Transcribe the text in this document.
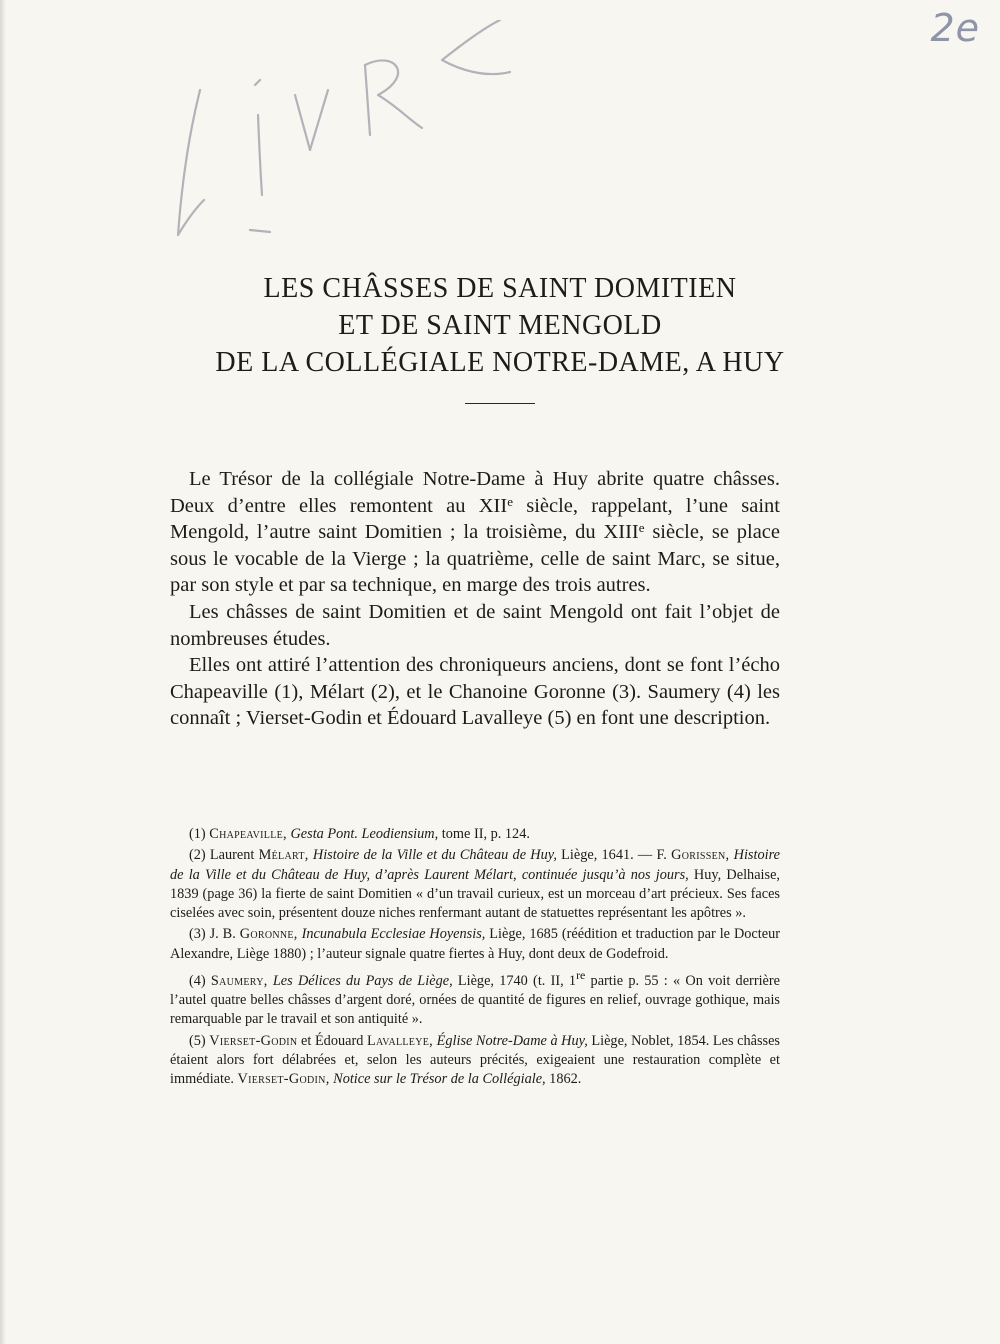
2e
LES CHÂSSES DE SAINT DOMITIEN
ET DE SAINT MENGOLD
DE LA COLLÉGIALE NOTRE-DAME, A HUY

Le Trésor de la collégiale Notre-Dame à Huy abrite quatre châsses. Deux d’entre elles remontent au XIIe siècle, rappelant, l’une saint Mengold, l’autre saint Domitien ; la troisième, du XIIIe siècle, se place sous le vocable de la Vierge ; la quatrième, celle de saint Marc, se situe, par son style et par sa technique, en marge des trois autres.

Les châsses de saint Domitien et de saint Mengold ont fait l’objet de nombreuses études.

Elles ont attiré l’attention des chroniqueurs anciens, dont se font l’écho Chapeaville (1), Mélart (2), et le Chanoine Goronne (3). Saumery (4) les connaît ; Vierset-Godin et Édouard Lavalleye (5) en font une description.

(1) Chapeaville, Gesta Pont. Leodiensium, tome II, p. 124.

(2) Laurent Mélart, Histoire de la Ville et du Château de Huy, Liège, 1641. — F. Gorissen, Histoire de la Ville et du Château de Huy, d’après Laurent Mélart, continuée jusqu’à nos jours, Huy, Delhaise, 1839 (page 36) la fierte de saint Domitien « d’un travail curieux, est un morceau d’art précieux. Ses faces ciselées avec soin, présentent douze niches renfermant autant de statuettes représentant les apôtres ».

(3) J. B. Goronne, Incunabula Ecclesiae Hoyensis, Liège, 1685 (réédition et traduction par le Docteur Alexandre, Liège 1880) ; l’auteur signale quatre fiertes à Huy, dont deux de Godefroid.

(4) Saumery, Les Délices du Pays de Liège, Liège, 1740 (t. II, 1re partie p. 55 : « On voit derrière l’autel quatre belles châsses d’argent doré, ornées de quantité de figures en relief, ouvrage gothique, mais remarquable par le travail et son antiquité ».

(5) Vierset-Godin et Édouard Lavalleye, Église Notre-Dame à Huy, Liège, Noblet, 1854. Les châsses étaient alors fort délabrées et, selon les auteurs précités, exigeaient une restauration complète et immédiate. Vierset-Godin, Notice sur le Trésor de la Collégiale, 1862.
